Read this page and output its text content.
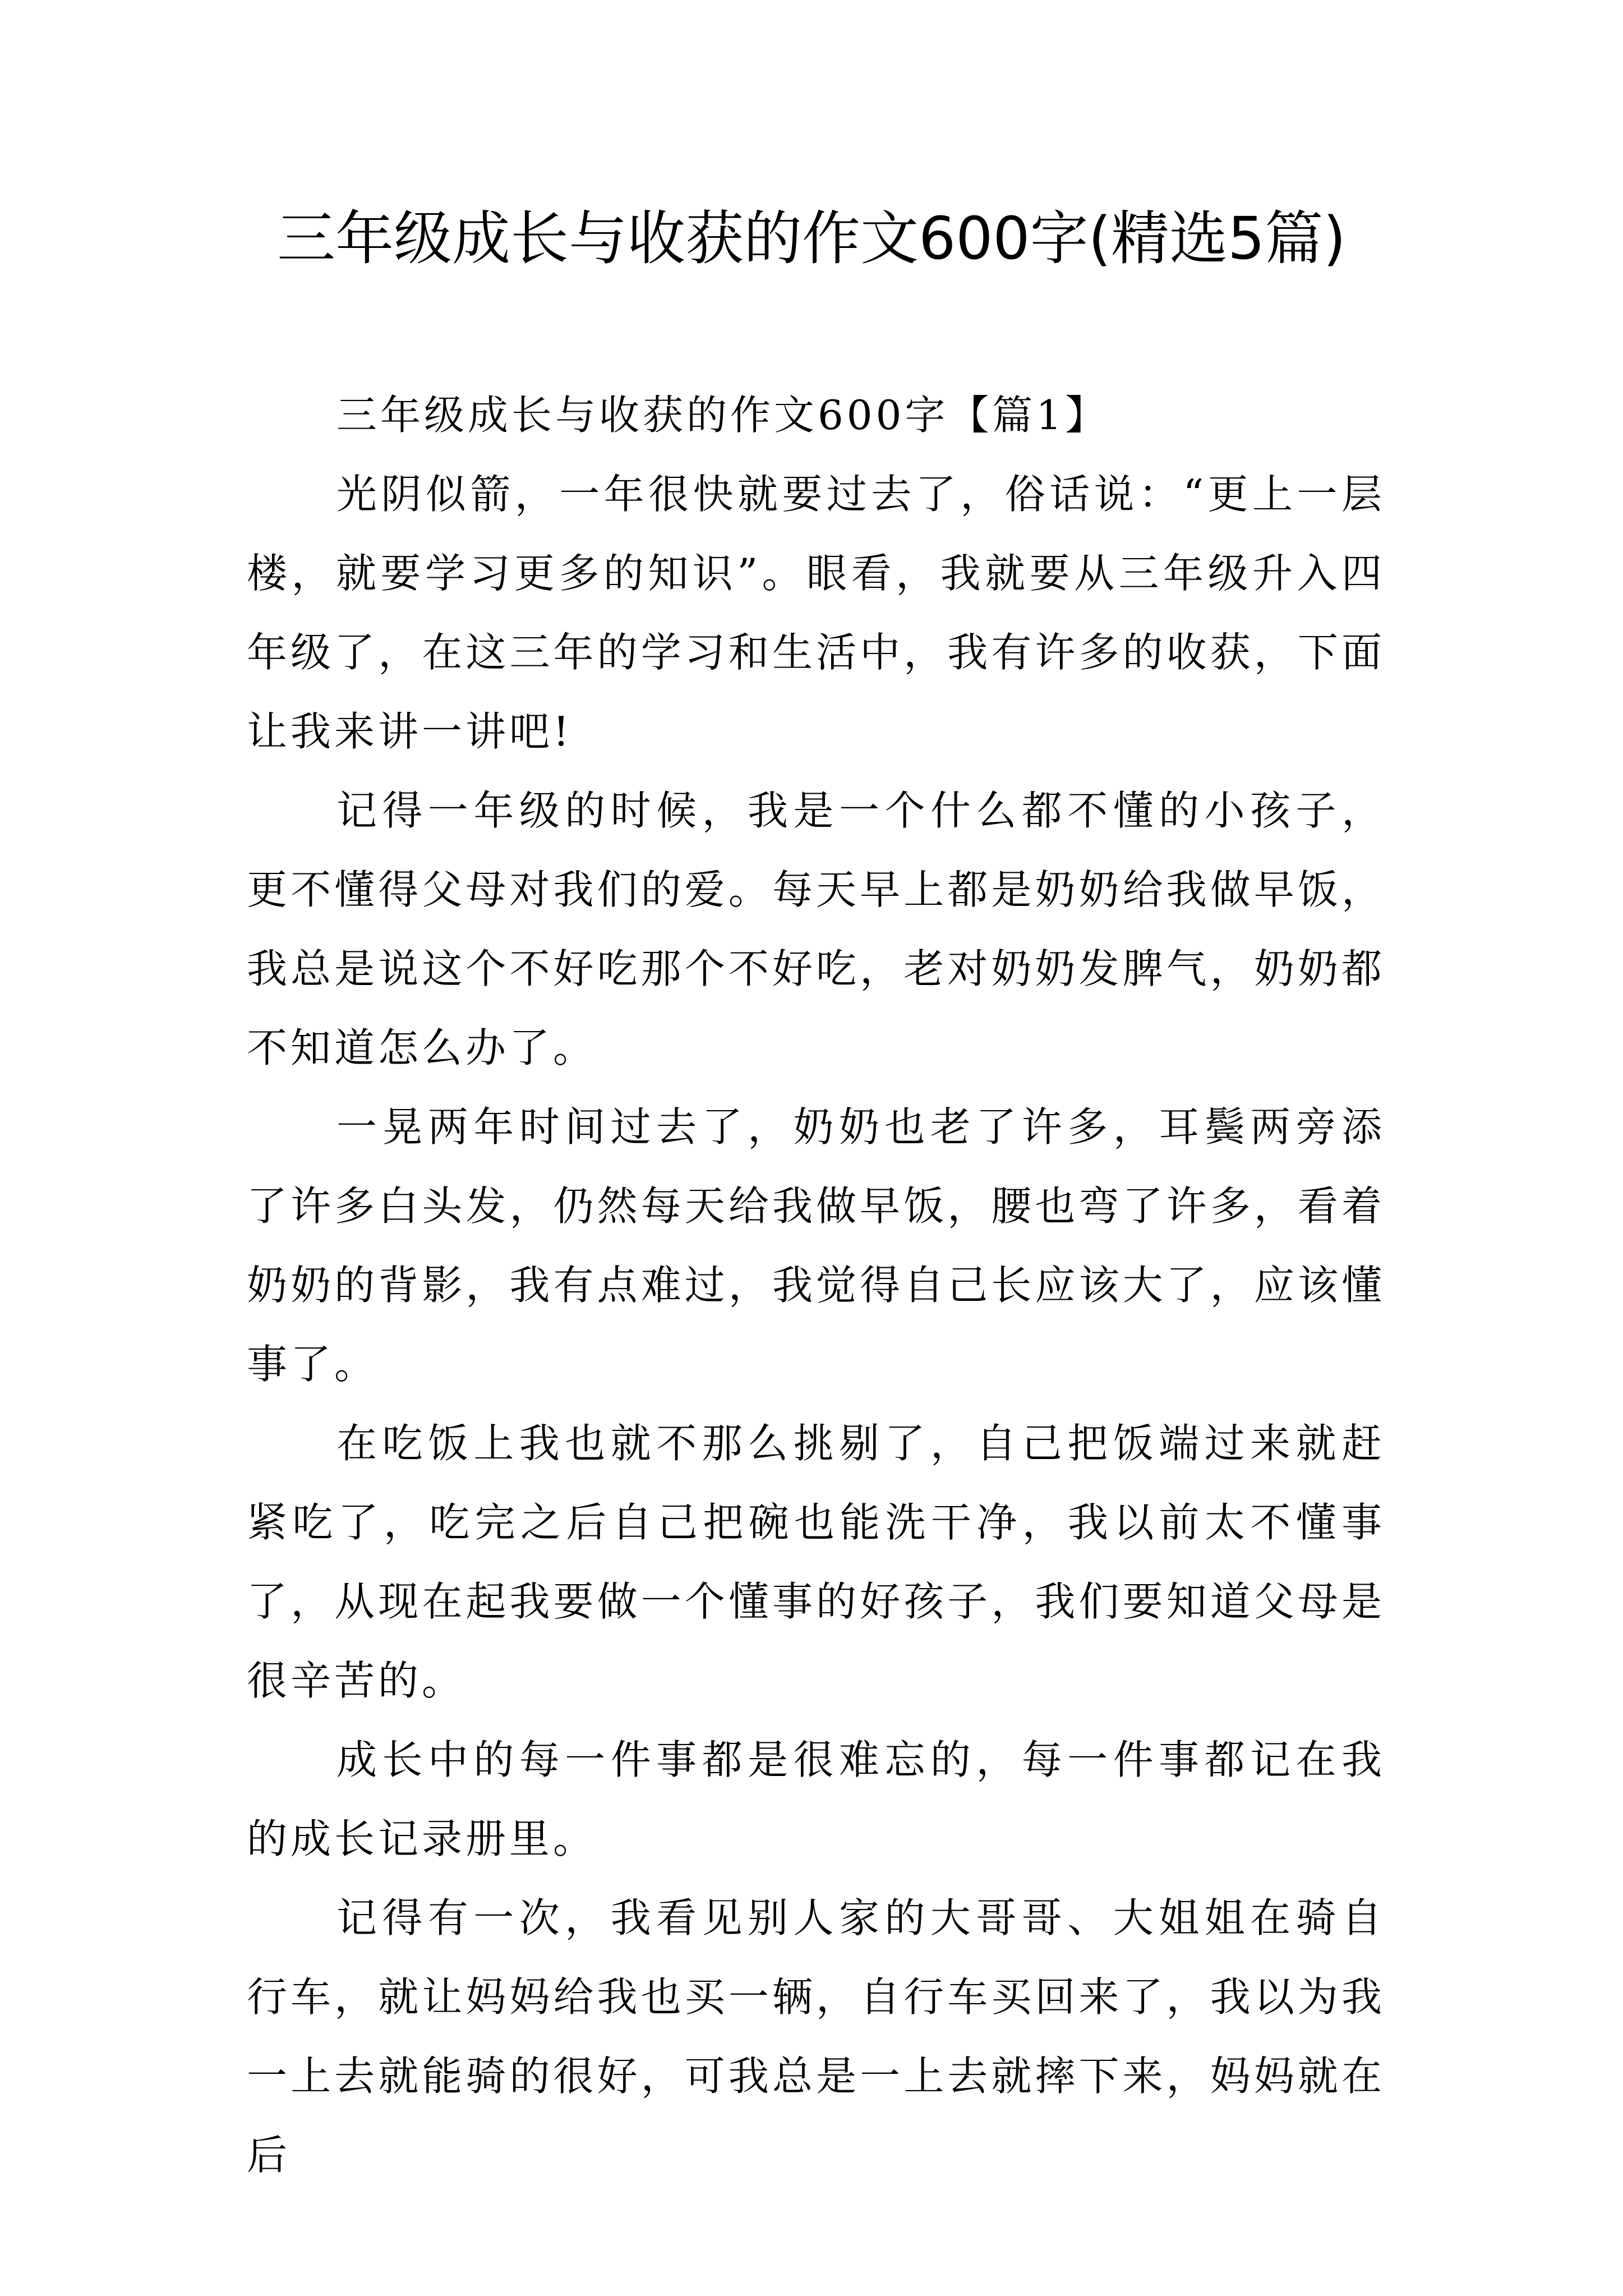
三年级成长与收获的作文600字(精选5篇)

三年级成长与收获的作文600字【篇1】

光阴似箭，一年很快就要过去了，俗话说：“更上一层楼，就要学习更多的知识”。眼看，我就要从三年级升入四年级了，在这三年的学习和生活中，我有许多的收获，下面让我来讲一讲吧!

记得一年级的时候，我是一个什么都不懂的小孩子，更不懂得父母对我们的爱。每天早上都是奶奶给我做早饭，我总是说这个不好吃那个不好吃，老对奶奶发脾气，奶奶都不知道怎么办了。

一晃两年时间过去了，奶奶也老了许多，耳鬓两旁添了许多白头发，仍然每天给我做早饭，腰也弯了许多，看着奶奶的背影，我有点难过，我觉得自己长应该大了，应该懂事了。

在吃饭上我也就不那么挑剔了，自己把饭端过来就赶紧吃了，吃完之后自己把碗也能洗干净，我以前太不懂事了，从现在起我要做一个懂事的好孩子，我们要知道父母是很辛苦的。

成长中的每一件事都是很难忘的，每一件事都记在我的成长记录册里。

记得有一次，我看见别人家的大哥哥、大姐姐在骑自行车，就让妈妈给我也买一辆，自行车买回来了，我以为我一上去就能骑的很好，可我总是一上去就摔下来，妈妈就在后
